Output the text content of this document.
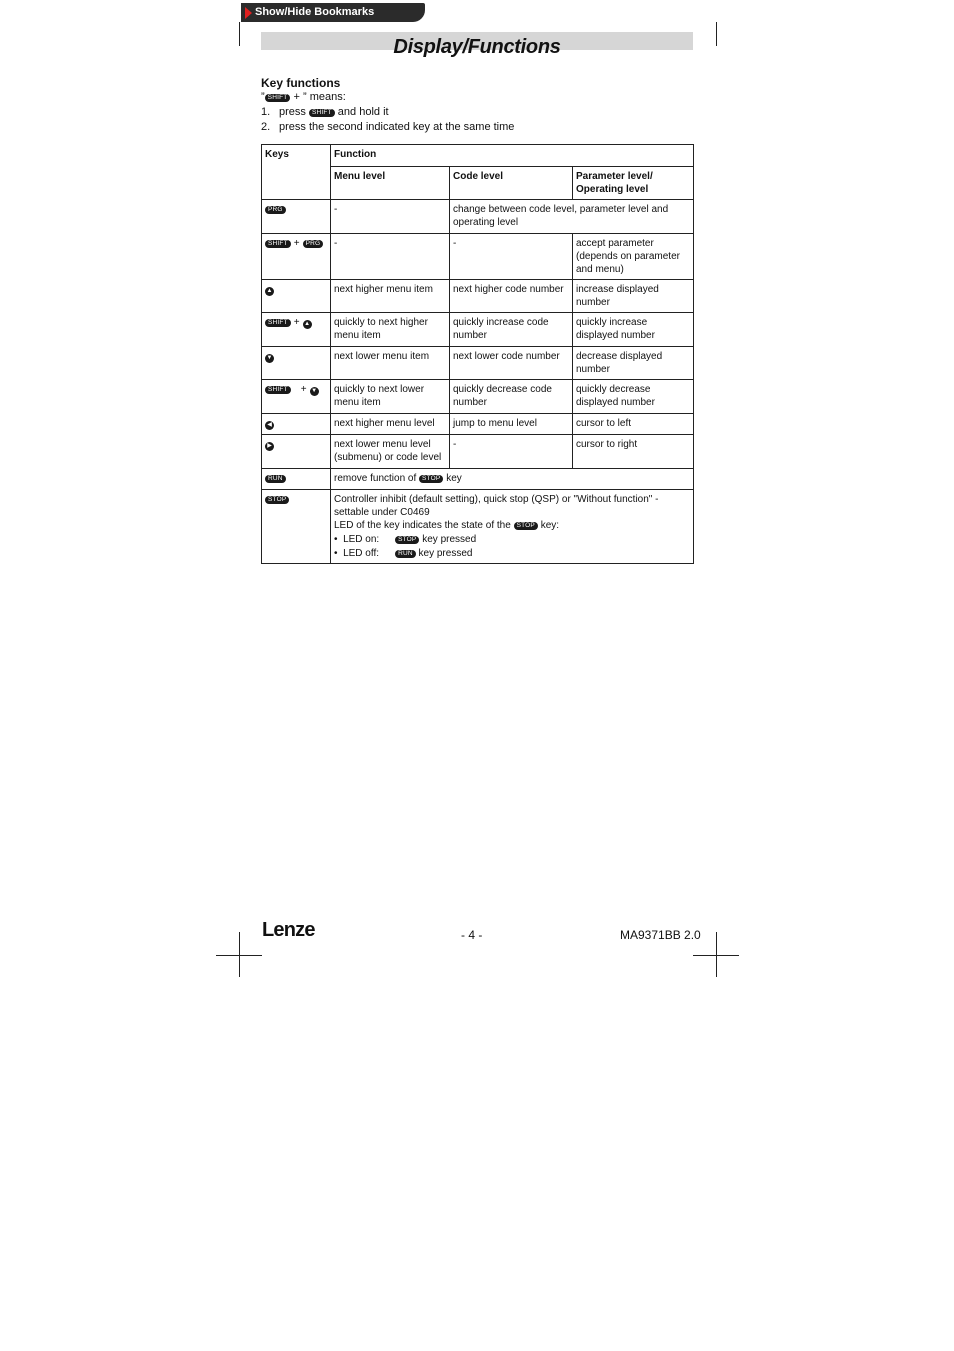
Show/Hide Bookmarks
Display/Functions
Key functions
” SHIFT + ” means:
1. press SHIFT and hold it
2. press the second indicated key at the same time
Keys	Function		
	Menu level	Code level	Parameter level/
Operating level
PRG	-	change between code level, parameter level and operating level	
SHIFT + PRG	-	-	accept parameter (depends on parameter and menu)
▲	next higher menu item	next higher code number	increase displayed number
SHIFT + ▲	quickly to next higher menu item	quickly increase code number	quickly increase displayed number
▼	next lower menu item	next lower code number	decrease displayed number
SHIFT + ▼	quickly to next lower menu item	quickly decrease code number	quickly decrease displayed number
◀	next higher menu level	jump to menu level	cursor to left
▶	next lower menu level (submenu) or code level	-	cursor to right
RUN	remove function of STOP key		
STOP	Controller inhibit (default setting), quick stop (QSP) or "Without function" - settable under C0469
LED of the key indicates the state of the STOP key:
•  LED on: STOP key pressed
•  LED off: RUN key pressed		
Lenze	- 4 -	MA9371BB 2.0
